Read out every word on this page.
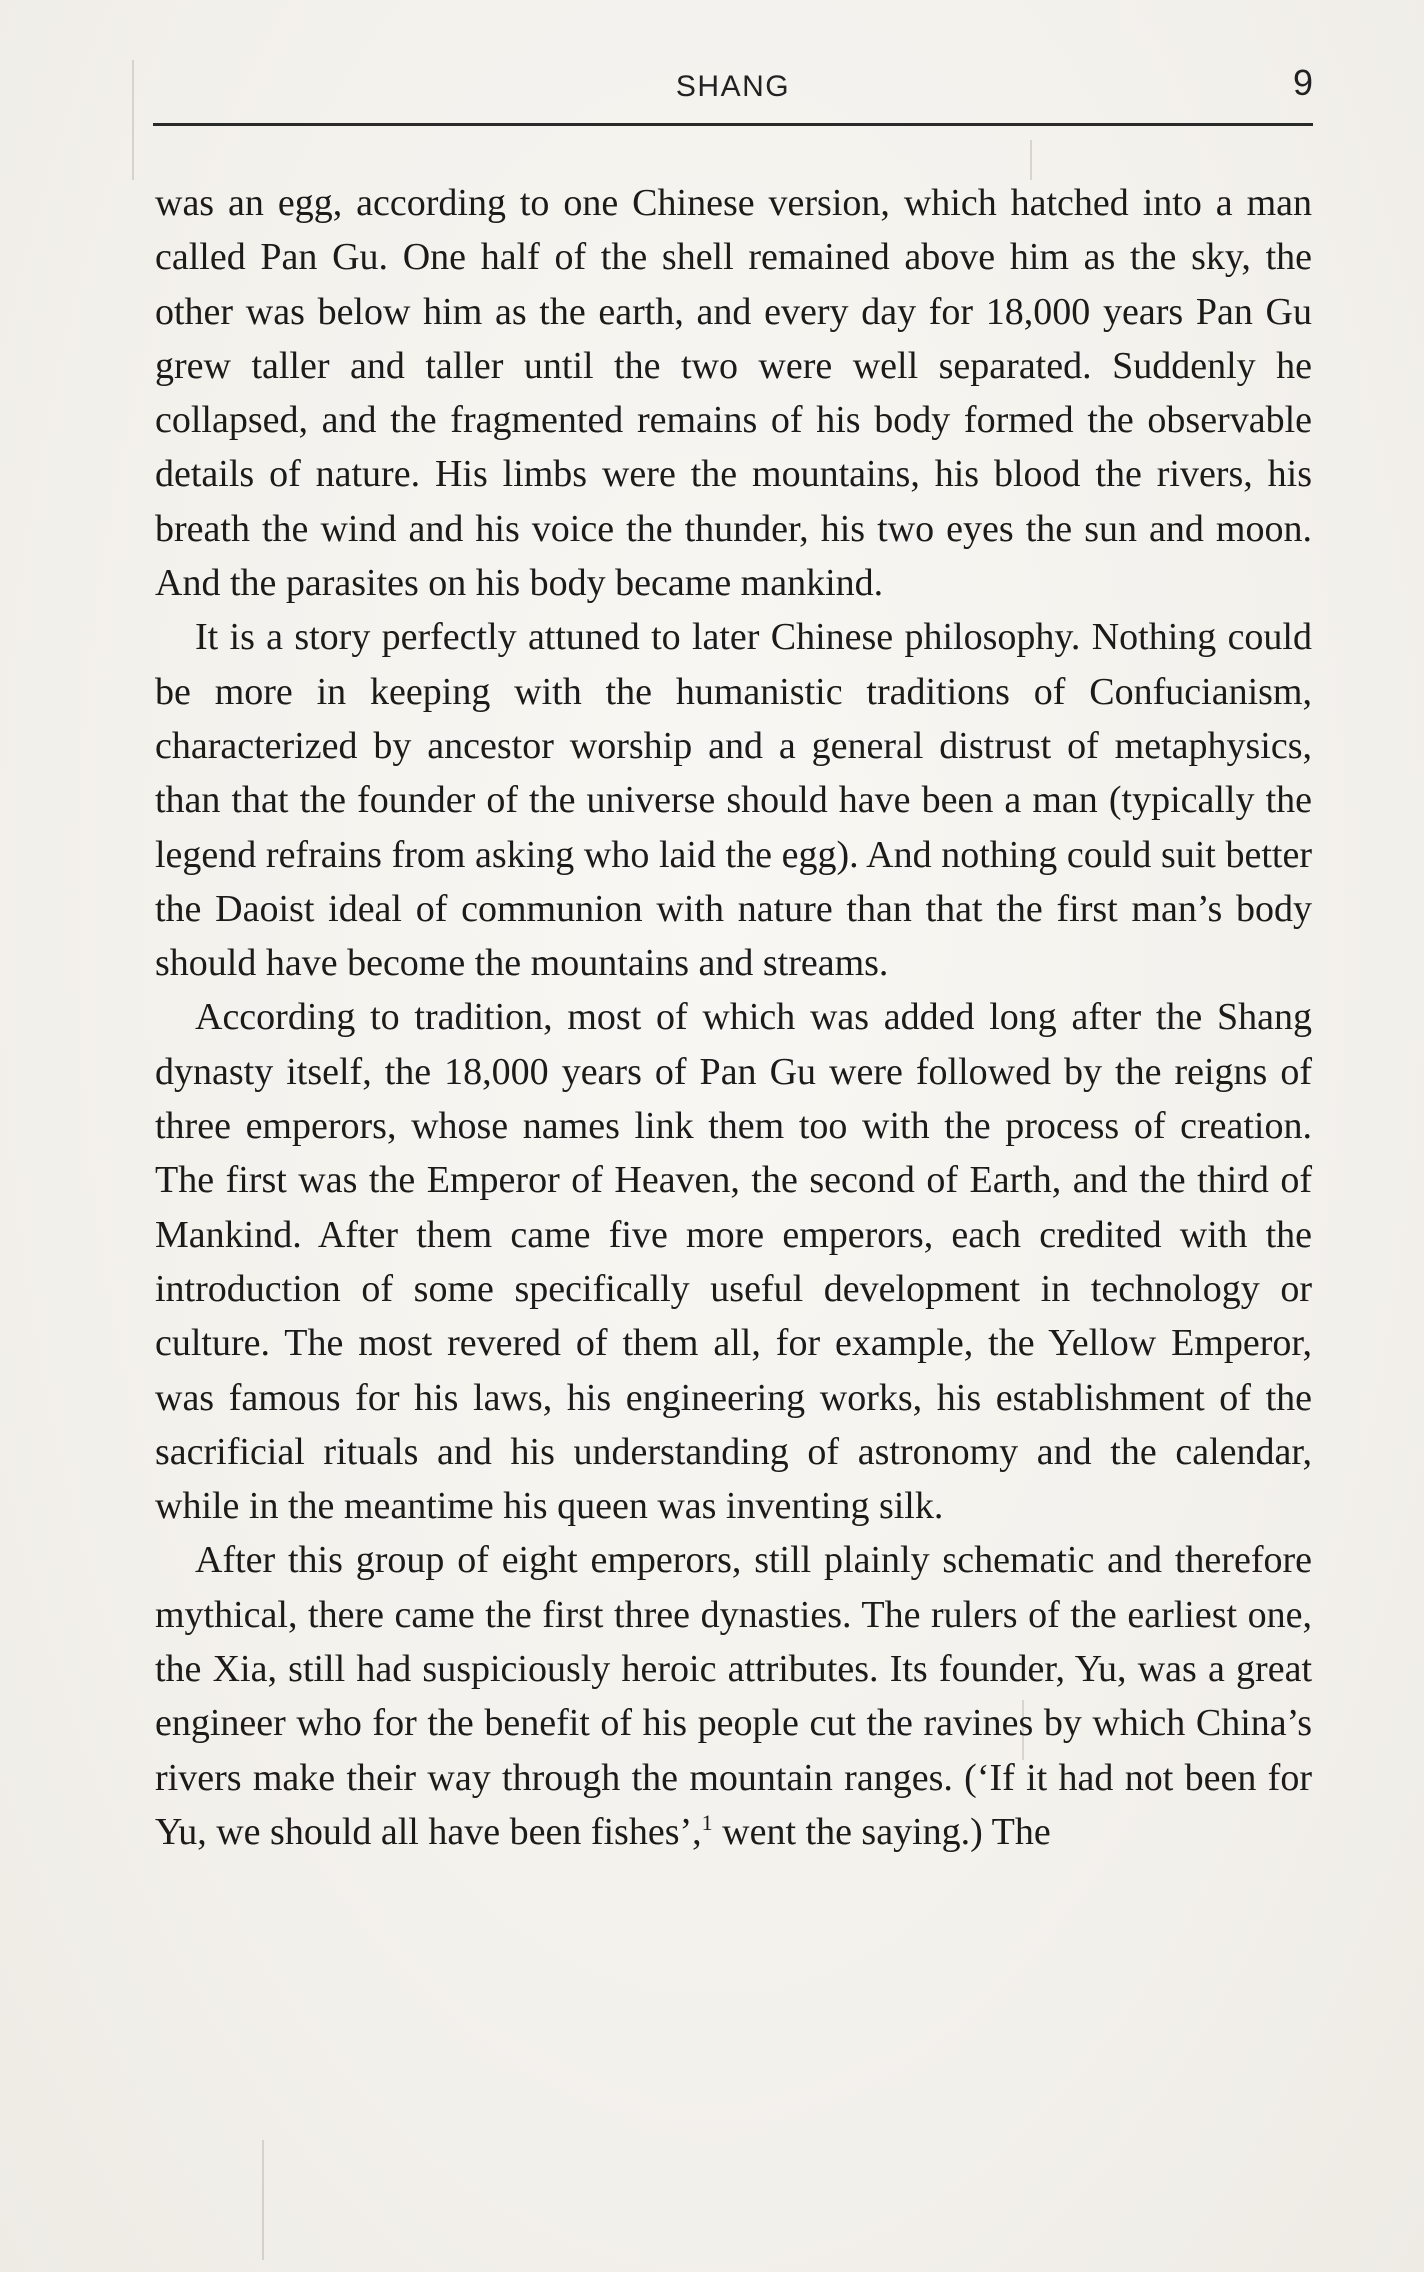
SHANG	9

was an egg, according to one Chinese version, which hatched into a man called Pan Gu. One half of the shell remained above him as the sky, the other was below him as the earth, and every day for 18,000 years Pan Gu grew taller and taller until the two were well separated. Suddenly he collapsed, and the fragmented remains of his body formed the observable details of nature. His limbs were the mountains, his blood the rivers, his breath the wind and his voice the thunder, his two eyes the sun and moon. And the parasites on his body became mankind.

It is a story perfectly attuned to later Chinese philosophy. Nothing could be more in keeping with the humanistic traditions of Confucianism, characterized by ancestor worship and a general distrust of metaphysics, than that the founder of the universe should have been a man (typically the legend refrains from asking who laid the egg). And nothing could suit better the Daoist ideal of communion with nature than that the first man’s body should have become the mountains and streams.

According to tradition, most of which was added long after the Shang dynasty itself, the 18,000 years of Pan Gu were followed by the reigns of three emperors, whose names link them too with the process of creation. The first was the Emperor of Heaven, the second of Earth, and the third of Mankind. After them came five more emperors, each credited with the introduction of some specifically useful development in technology or culture. The most revered of them all, for example, the Yellow Emperor, was famous for his laws, his engineering works, his establishment of the sacrificial rituals and his understanding of astronomy and the calendar, while in the meantime his queen was inventing silk.

After this group of eight emperors, still plainly schematic and therefore mythical, there came the first three dynasties. The rulers of the earliest one, the Xia, still had suspiciously heroic attributes. Its founder, Yu, was a great engineer who for the benefit of his people cut the ravines by which China’s rivers make their way through the mountain ranges. (‘If it had not been for Yu, we should all have been fishes’,$^1$ went the saying.) The
